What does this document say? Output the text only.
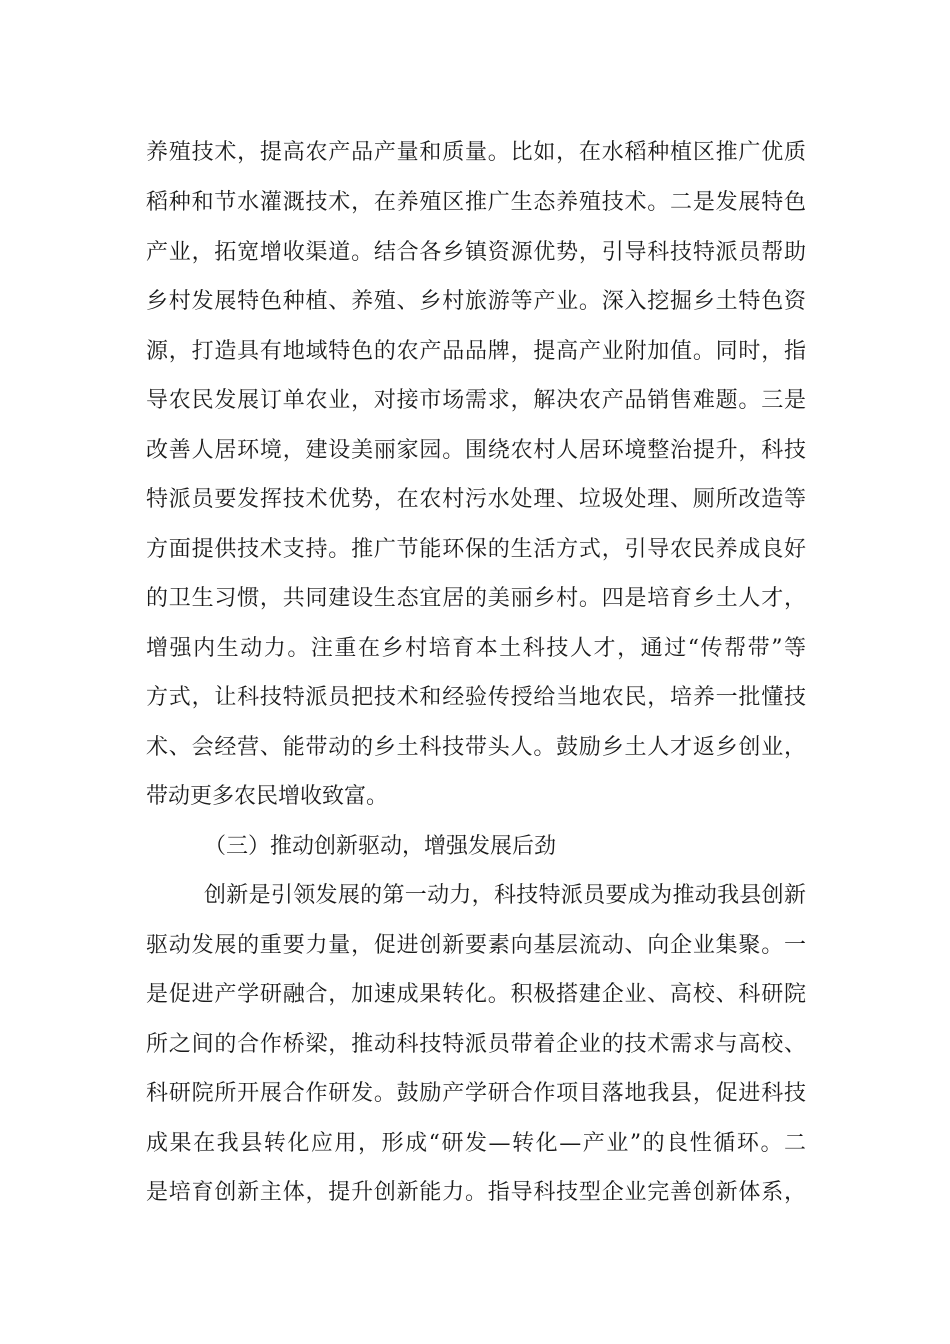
养殖技术，提高农产品产量和质量。比如，在水稻种植区推广优质
稻种和节水灌溉技术，在养殖区推广生态养殖技术。二是发展特色
产业，拓宽增收渠道。结合各乡镇资源优势，引导科技特派员帮助
乡村发展特色种植、养殖、乡村旅游等产业。深入挖掘乡土特色资
源，打造具有地域特色的农产品品牌，提高产业附加值。同时，指
导农民发展订单农业，对接市场需求，解决农产品销售难题。三是
改善人居环境，建设美丽家园。围绕农村人居环境整治提升，科技
特派员要发挥技术优势，在农村污水处理、垃圾处理、厕所改造等
方面提供技术支持。推广节能环保的生活方式，引导农民养成良好
的卫生习惯，共同建设生态宜居的美丽乡村。四是培育乡土人才，
增强内生动力。注重在乡村培育本土科技人才，通过“传帮带”等
方式，让科技特派员把技术和经验传授给当地农民，培养一批懂技
术、会经营、能带动的乡土科技带头人。鼓励乡土人才返乡创业，
带动更多农民增收致富。
（三）推动创新驱动，增强发展后劲
创新是引领发展的第一动力，科技特派员要成为推动我县创新
驱动发展的重要力量，促进创新要素向基层流动、向企业集聚。一
是促进产学研融合，加速成果转化。积极搭建企业、高校、科研院
所之间的合作桥梁，推动科技特派员带着企业的技术需求与高校、
科研院所开展合作研发。鼓励产学研合作项目落地我县，促进科技
成果在我县转化应用，形成“研发—转化—产业”的良性循环。二
是培育创新主体，提升创新能力。指导科技型企业完善创新体系，
